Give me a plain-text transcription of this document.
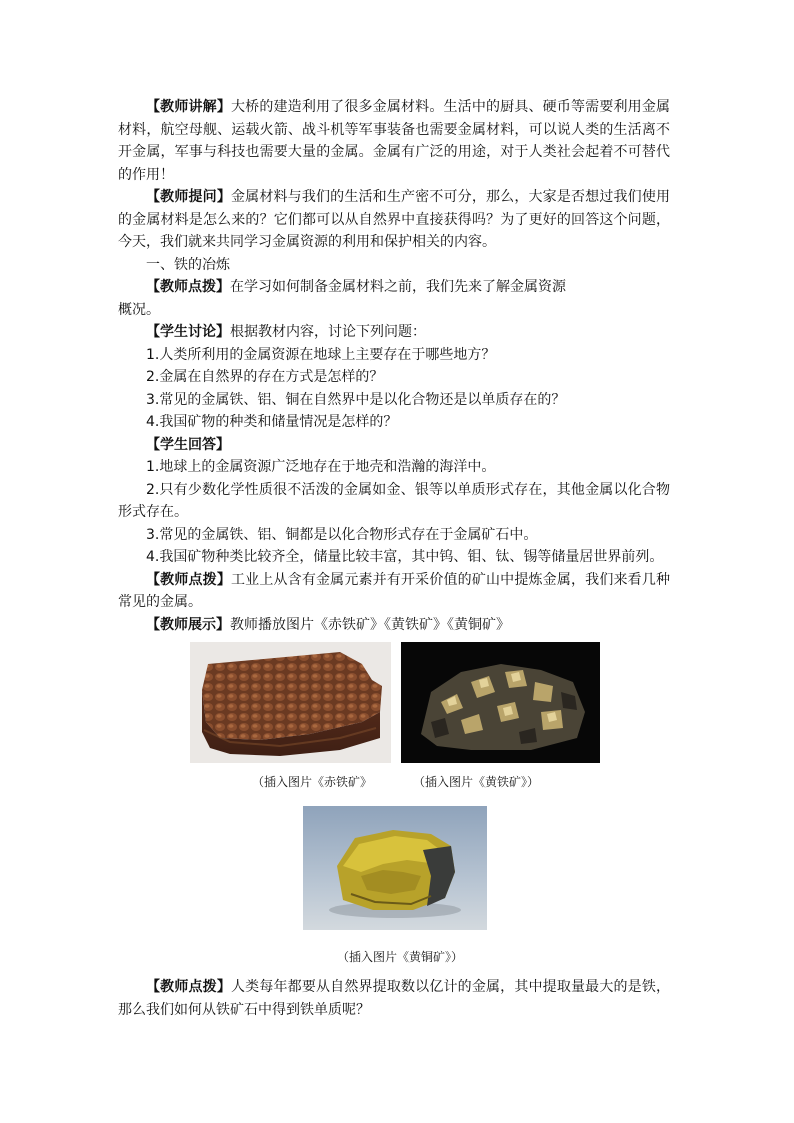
【教师讲解】大桥的建造利用了很多金属材料。生活中的厨具、硬币等需要利用金属材料，航空母舰、运载火箭、战斗机等军事装备也需要金属材料，可以说人类的生活离不开金属，军事与科技也需要大量的金属。金属有广泛的用途，对于人类社会起着不可替代的作用！

【教师提问】金属材料与我们的生活和生产密不可分，那么，大家是否想过我们使用的金属材料是怎么来的？它们都可以从自然界中直接获得吗？为了更好的回答这个问题，今天，我们就来共同学习金属资源的利用和保护相关的内容。

一、铁的冶炼

【教师点拨】在学习如何制备金属材料之前，我们先来了解金属资源

概况。

【学生讨论】根据教材内容，讨论下列问题：

1.人类所利用的金属资源在地球上主要存在于哪些地方？

2.金属在自然界的存在方式是怎样的？

3.常见的金属铁、铝、铜在自然界中是以化合物还是以单质存在的？

4.我国矿物的种类和储量情况是怎样的？

【学生回答】

1.地球上的金属资源广泛地存在于地壳和浩瀚的海洋中。

2.只有少数化学性质很不活泼的金属如金、银等以单质形式存在，其他金属以化合物形式存在。

3.常见的金属铁、铝、铜都是以化合物形式存在于金属矿石中。

4.我国矿物种类比较齐全，储量比较丰富，其中钨、钼、钛、锡等储量居世界前列。

【教师点拨】工业上从含有金属元素并有开采价值的矿山中提炼金属，我们来看几种常见的金属。

【教师展示】教师播放图片《赤铁矿》《黄铁矿》《黄铜矿》

（插入图片《赤铁矿》	（插入图片《黄铁矿》）
（插入图片《黄铜矿》）

【教师点拨】人类每年都要从自然界提取数以亿计的金属，其中提取量最大的是铁，那么我们如何从铁矿石中得到铁单质呢？
